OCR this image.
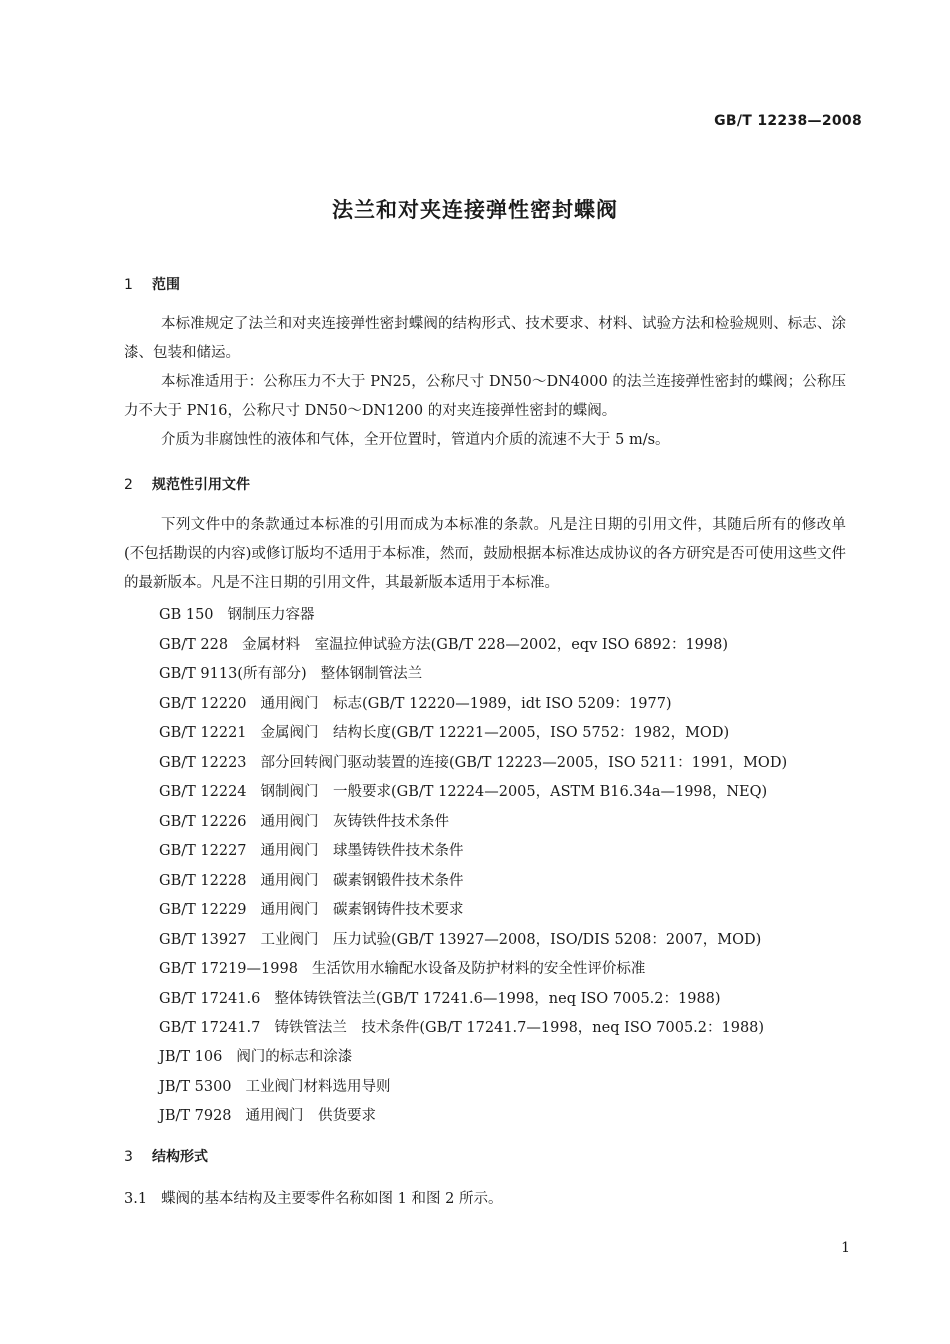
GB/T 12238—2008
法兰和对夹连接弹性密封蝶阀
1 范围

本标准规定了法兰和对夹连接弹性密封蝶阀的结构形式、技术要求、材料、试验方法和检验规则、标志、涂漆、包装和储运。

本标准适用于：公称压力不大于 PN25，公称尺寸 DN50～DN4000 的法兰连接弹性密封的蝶阀；公称压力不大于 PN16，公称尺寸 DN50～DN1200 的对夹连接弹性密封的蝶阀。

介质为非腐蚀性的液体和气体，全开位置时，管道内介质的流速不大于 5 m/s。

2 规范性引用文件

下列文件中的条款通过本标准的引用而成为本标准的条款。凡是注日期的引用文件，其随后所有的修改单(不包括勘误的内容)或修订版均不适用于本标准，然而，鼓励根据本标准达成协议的各方研究是否可使用这些文件的最新版本。凡是不注日期的引用文件，其最新版本适用于本标准。

GB 150 钢制压力容器
GB/T 228 金属材料　室温拉伸试验方法(GB/T 228—2002，eqv ISO 6892：1998)
GB/T 9113(所有部分) 整体钢制管法兰
GB/T 12220 通用阀门　标志(GB/T 12220—1989，idt ISO 5209：1977)
GB/T 12221 金属阀门　结构长度(GB/T 12221—2005，ISO 5752：1982，MOD)
GB/T 12223 部分回转阀门驱动装置的连接(GB/T 12223—2005，ISO 5211：1991，MOD)
GB/T 12224 钢制阀门　一般要求(GB/T 12224—2005，ASTM B16.34a—1998，NEQ)
GB/T 12226 通用阀门　灰铸铁件技术条件
GB/T 12227 通用阀门　球墨铸铁件技术条件
GB/T 12228 通用阀门　碳素钢锻件技术条件
GB/T 12229 通用阀门　碳素钢铸件技术要求
GB/T 13927 工业阀门　压力试验(GB/T 13927—2008，ISO/DIS 5208：2007，MOD)
GB/T 17219—1998 生活饮用水输配水设备及防护材料的安全性评价标准
GB/T 17241.6 整体铸铁管法兰(GB/T 17241.6—1998，neq ISO 7005.2：1988)
GB/T 17241.7 铸铁管法兰　技术条件(GB/T 17241.7—1998，neq ISO 7005.2：1988)
JB/T 106 阀门的标志和涂漆
JB/T 5300 工业阀门材料选用导则
JB/T 7928 通用阀门　供货要求
3 结构形式
3.1 蝶阀的基本结构及主要零件名称如图 1 和图 2 所示。
1
